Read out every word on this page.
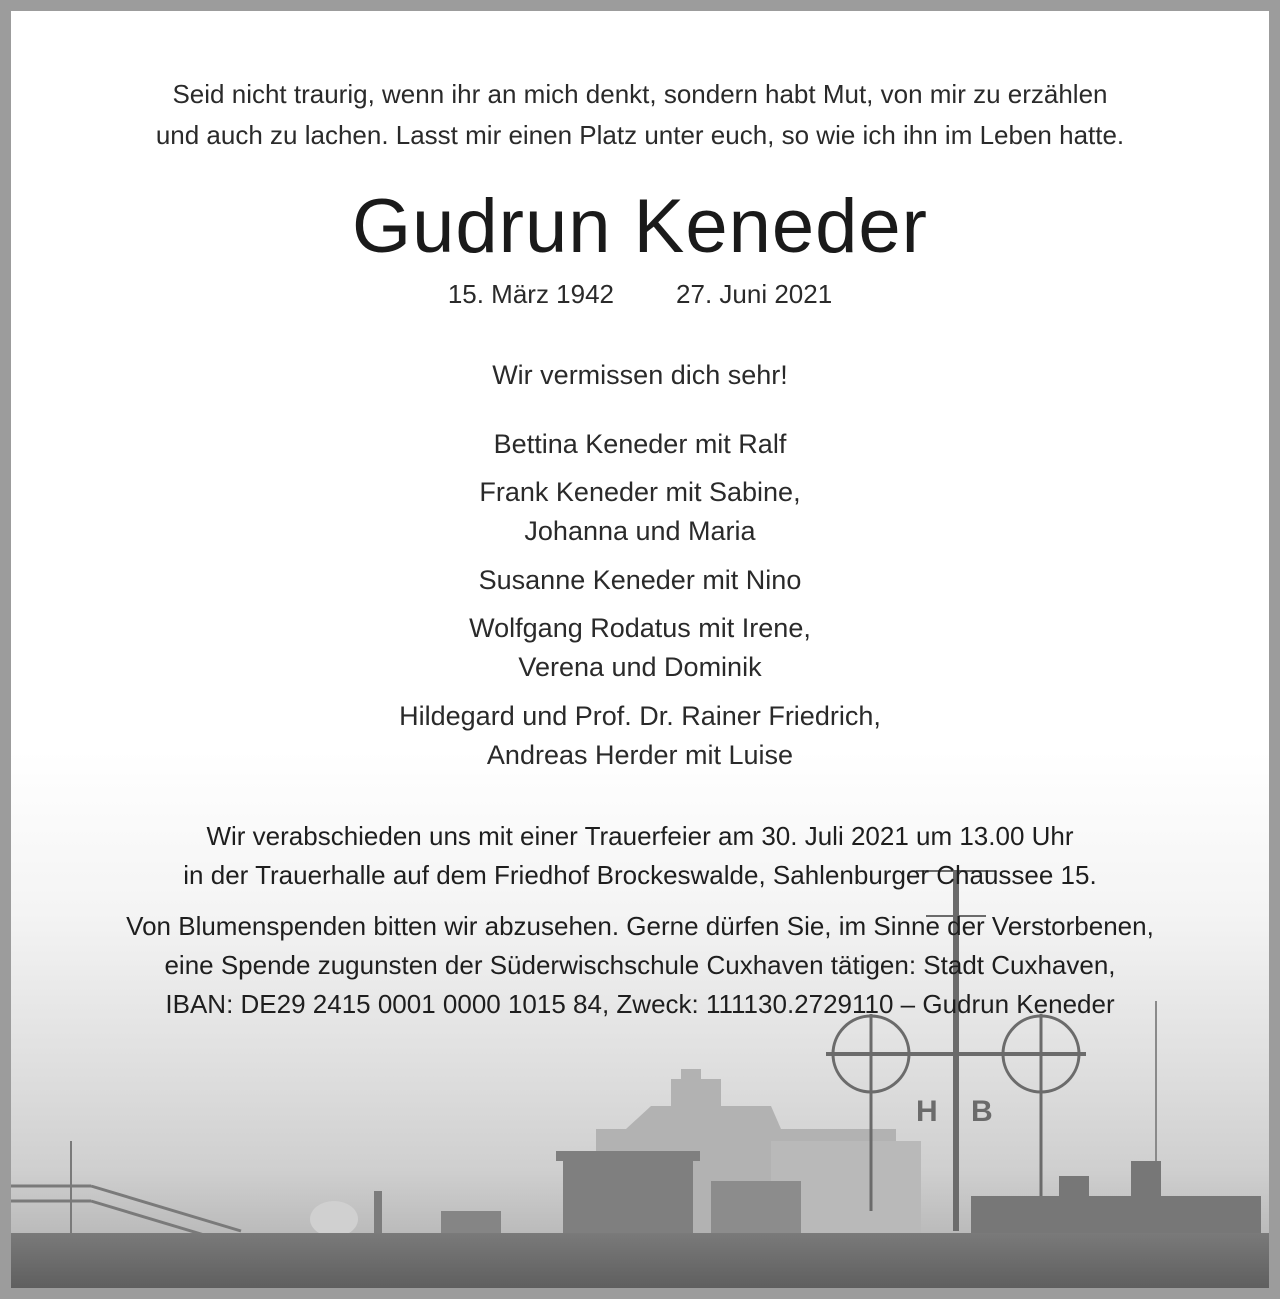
H B

Seid nicht traurig, wenn ihr an mich denkt, sondern habt Mut, von mir zu erzählen
und auch zu lachen. Lasst mir einen Platz unter euch, so wie ich ihn im Leben hatte.

Gudrun Keneder

15. März 1942 27. Juni 2021

Wir vermissen dich sehr!

Bettina Keneder mit Ralf

Frank Keneder mit Sabine,
Johanna und Maria

Susanne Keneder mit Nino

Wolfgang Rodatus mit Irene,
Verena und Dominik

Hildegard und Prof. Dr. Rainer Friedrich,
Andreas Herder mit Luise

Wir verabschieden uns mit einer Trauerfeier am 30. Juli 2021 um 13.00 Uhr
in der Trauerhalle auf dem Friedhof Brockeswalde, Sahlenburger Chaussee 15.

Von Blumenspenden bitten wir abzusehen. Gerne dürfen Sie, im Sinne der Verstorbenen,
eine Spende zugunsten der Süderwischschule Cuxhaven tätigen: Stadt Cuxhaven,
IBAN: DE29 2415 0001 0000 1015 84, Zweck: 111130.2729110 – Gudrun Keneder
